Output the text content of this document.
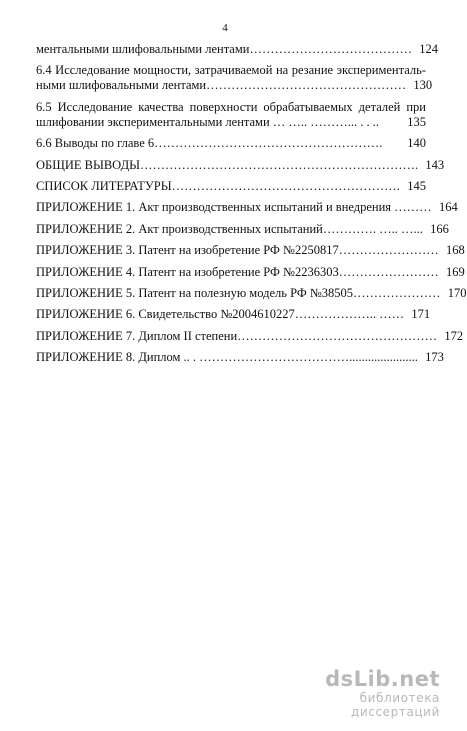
4
ментальными шлифовальными лентами………………………………… 124
6.4 Исследование мощности, затрачиваемой на резание эксперименталь-
ными шлифовальными лентами………………………………………… 130
6.5 Исследование качества поверхности обрабатываемых деталей при
шлифовании экспериментальными лентами … ….. ………... . . ..	135
6.6 Выводы по главе 6……………………………………………….	140
ОБЩИЕ ВЫВОДЫ…………………………………………………………. 143
СПИСОК ЛИТЕРАТУРЫ………………………………………………. 145
ПРИЛОЖЕНИЕ 1. Акт производственных испытаний и внедрения ……… 164
ПРИЛОЖЕНИЕ 2. Акт производственных испытаний…………. ….. …... 166
ПРИЛОЖЕНИЕ 3. Патент на изобретение РФ №2250817…………………… 168
ПРИЛОЖЕНИЕ 4. Патент на изобретение РФ №2236303…………………… 169
ПРИЛОЖЕНИЕ 5. Патент на полезную модель РФ №38505………………… 170
ПРИЛОЖЕНИЕ 6. Свидетельство №2004610227……………….. …… 171
ПРИЛОЖЕНИЕ 7. Диплом II степени………………………………………… 172
ПРИЛОЖЕНИЕ 8. Диплом .. . ………………………………...................... 173
dsLib.net
библиотека диссертаций
